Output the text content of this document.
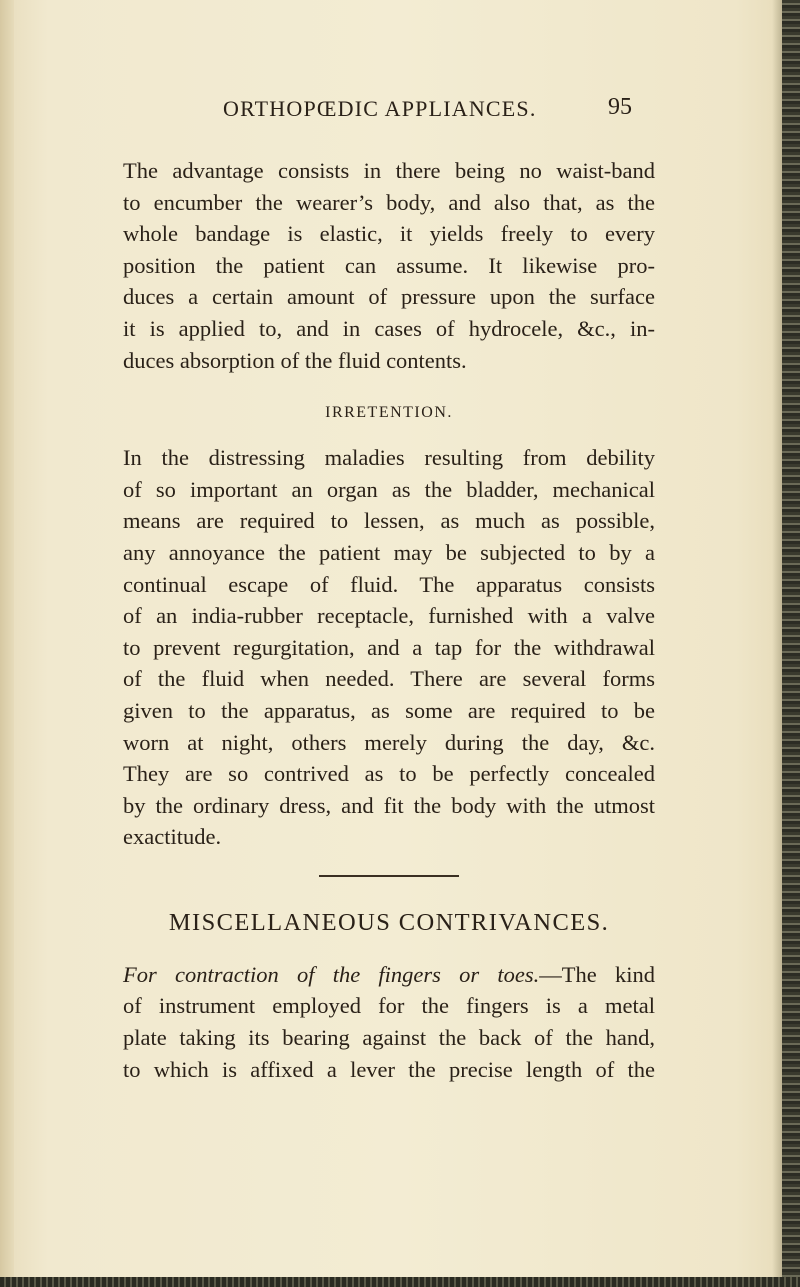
ORTHOPŒDIC APPLIANCES.	95
The advantage consists in there being no waist-band
to encumber the wearer’s body, and also that, as the
whole bandage is elastic, it yields freely to every
position the patient can assume. It likewise pro-
duces a certain amount of pressure upon the surface
it is applied to, and in cases of hydrocele, &c., in-
duces absorption of the fluid contents.
IRRETENTION.
In the distressing maladies resulting from debility
of so important an organ as the bladder, mechanical
means are required to lessen, as much as possible,
any annoyance the patient may be subjected to by a
continual escape of fluid. The apparatus consists
of an india-rubber receptacle, furnished with a valve
to prevent regurgitation, and a tap for the withdrawal
of the fluid when needed. There are several forms
given to the apparatus, as some are required to be
worn at night, others merely during the day, &c.
They are so contrived as to be perfectly concealed
by the ordinary dress, and fit the body with the utmost
exactitude.
MISCELLANEOUS CONTRIVANCES.
For contraction of the fingers or toes.—The kind
of instrument employed for the fingers is a metal
plate taking its bearing against the back of the hand,
to which is affixed a lever the precise length of the
